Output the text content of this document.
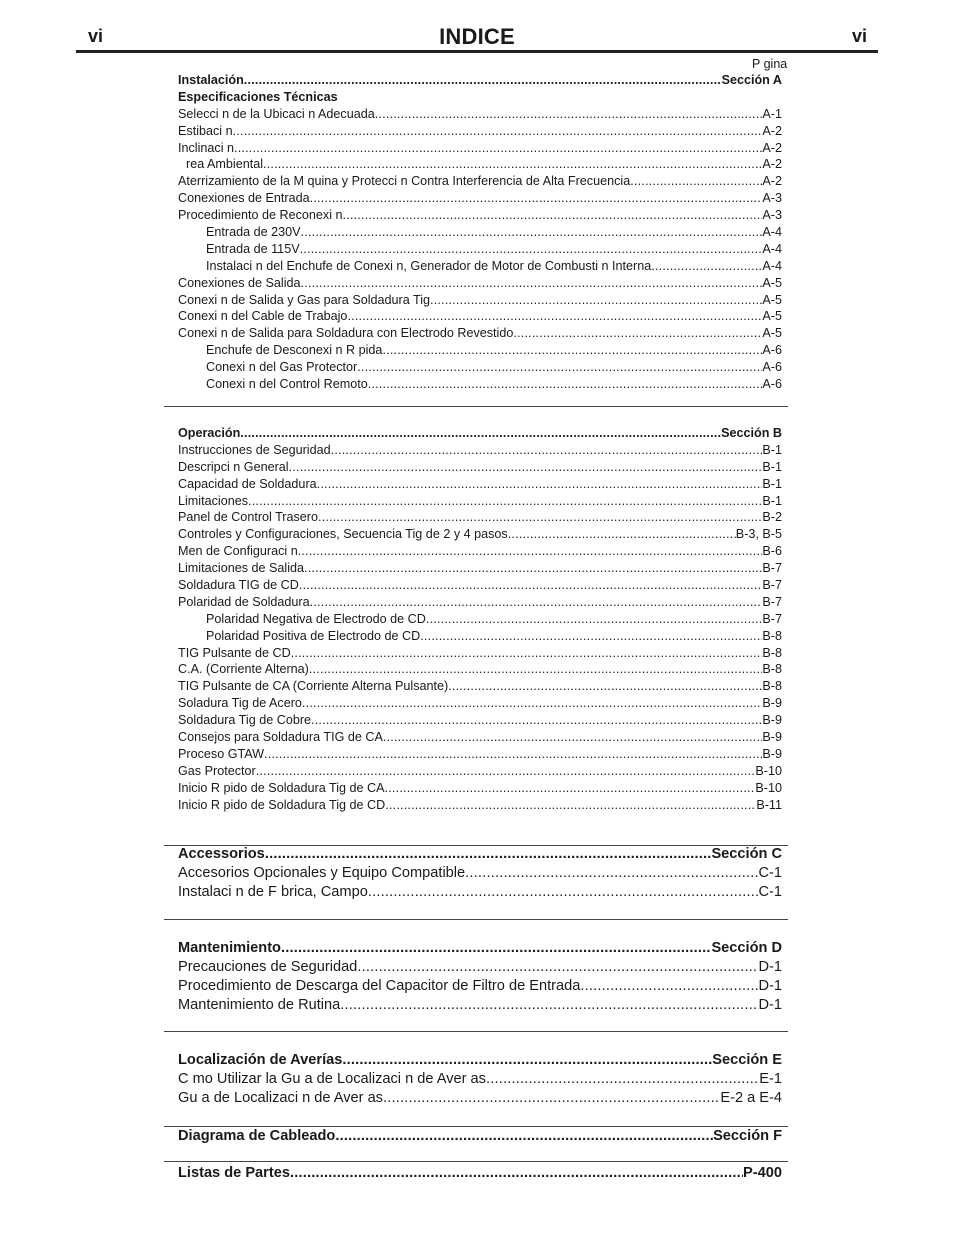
vi	INDICE	vi
P gina
Instalación .....	Sección A
Especificaciones Técnicas
Selecci n de la Ubicaci n Adecuada .....	A-1
Estibaci n .....	A-2
Inclinaci n .....	A-2
rea Ambiental .....	A-2
Aterrizamiento de la M quina y Protecci n Contra Interferencia de Alta Frecuencia .....	A-2
Conexiones de Entrada .....	A-3
Procedimiento de Reconexi n .....	A-3
Entrada de 230V .....	A-4
Entrada de 115V .....	A-4
Instalaci n del Enchufe de Conexi n, Generador de Motor de Combusti n Interna .....	A-4
Conexiones de Salida .....	A-5
Conexi n de Salida y Gas para Soldadura Tig .....	A-5
Conexi n del Cable de Trabajo .....	A-5
Conexi n de Salida para Soldadura con Electrodo Revestido .....	A-5
Enchufe de Desconexi n R pida .....	A-6
Conexi n del Gas Protector .....	A-6
Conexi n del Control Remoto .....	A-6
Operación .....	Sección B
Instrucciones de Seguridad .....	B-1
Descripci n General .....	B-1
Capacidad de Soldadura .....	B-1
Limitaciones .....	B-1
Panel de Control Trasero .....	B-2
Controles y Configuraciones, Secuencia Tig de 2 y 4 pasos .....	B-3, B-5
Men de Configuraci n .....	B-6
Limitaciones de Salida .....	B-7
Soldadura TIG de CD .....	B-7
Polaridad de Soldadura .....	B-7
Polaridad Negativa de Electrodo de CD .....	B-7
Polaridad Positiva de Electrodo de CD .....	B-8
TIG Pulsante de CD .....	B-8
C.A. (Corriente Alterna) .....	B-8
TIG Pulsante de CA (Corriente Alterna Pulsante) .....	B-8
Soladura Tig de Acero .....	B-9
Soldadura Tig de Cobre .....	B-9
Consejos para Soldadura TIG de CA .....	B-9
Proceso GTAW .....	B-9
Gas Protector .....	B-10
Inicio R pido de Soldadura Tig de CA .....	B-10
Inicio R pido de Soldadura Tig de CD .....	B-11
Accessorios .....	Sección C
Accesorios Opcionales y Equipo Compatible .....	C-1
Instalaci n de F brica, Campo .....	C-1
Mantenimiento .....	Sección D
Precauciones de Seguridad .....	D-1
Procedimiento de Descarga del Capacitor de Filtro de Entrada .....	D-1
Mantenimiento de Rutina .....	D-1
Localización de Averías .....	Sección E
C mo Utilizar la Gu a de Localizaci n de Aver as .....	E-1
Gu a de Localizaci n de Aver as .....	E-2 a E-4
Diagrama de Cableado .....	Sección F
Listas de Partes .....	P-400
